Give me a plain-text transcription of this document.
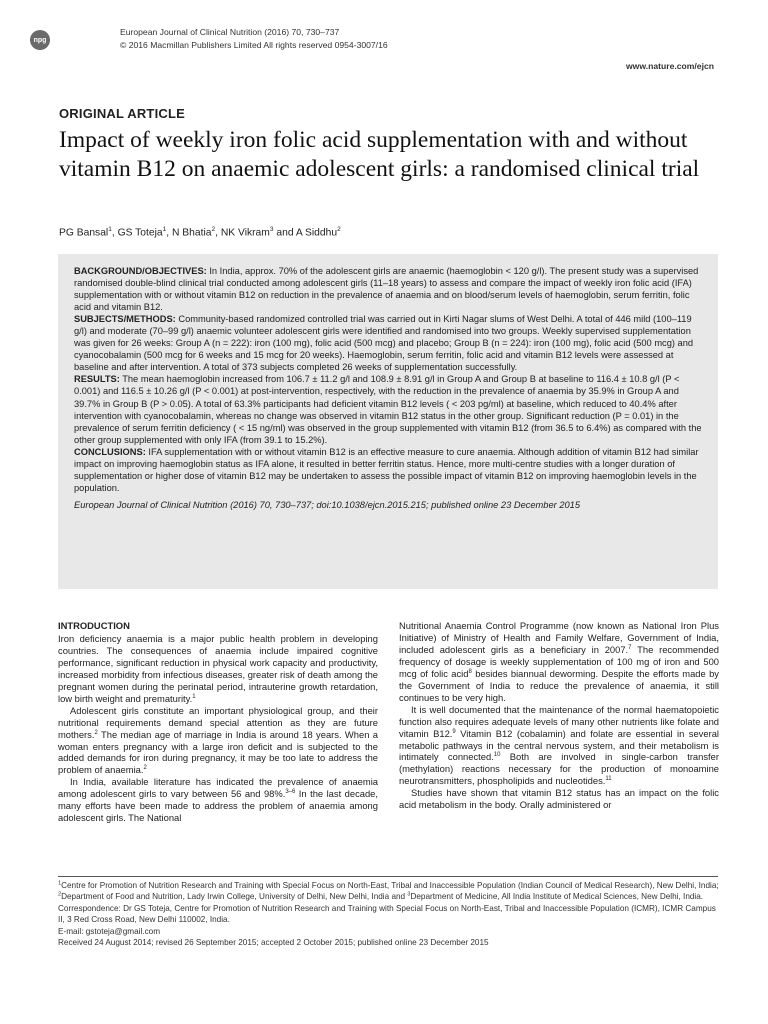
npg
European Journal of Clinical Nutrition (2016) 70, 730–737
© 2016 Macmillan Publishers Limited All rights reserved 0954-3007/16
www.nature.com/ejcn
ORIGINAL ARTICLE
Impact of weekly iron folic acid supplementation with and without vitamin B12 on anaemic adolescent girls: a randomised clinical trial
PG Bansal$^1$, GS Toteja$^1$, N Bhatia$^2$, NK Vikram$^3$ and A Siddhu$^2$

BACKGROUND/OBJECTIVES: In India, approx. 70% of the adolescent girls are anaemic (haemoglobin < 120 g/l). The present study was a supervised randomised double-blind clinical trial conducted among adolescent girls (11–18 years) to assess and compare the impact of weekly iron folic acid (IFA) supplementation with or without vitamin B12 on reduction in the prevalence of anaemia and on blood/serum levels of haemoglobin, serum ferritin, folic acid and vitamin B12.

SUBJECTS/METHODS: Community-based randomized controlled trial was carried out in Kirti Nagar slums of West Delhi. A total of 446 mild (100–119 g/l) and moderate (70–99 g/l) anaemic volunteer adolescent girls were identified and randomised into two groups. Weekly supervised supplementation was given for 26 weeks: Group A (n = 222): iron (100 mg), folic acid (500 mcg) and placebo; Group B (n = 224): iron (100 mg), folic acid (500 mcg) and cyanocobalamin (500 mcg for 6 weeks and 15 mcg for 20 weeks). Haemoglobin, serum ferritin, folic acid and vitamin B12 levels were assessed at baseline and after intervention. A total of 373 subjects completed 26 weeks of supplementation successfully.

RESULTS: The mean haemoglobin increased from 106.7 ± 11.2 g/l and 108.9 ± 8.91 g/l in Group A and Group B at baseline to 116.4 ± 10.8 g/l (P < 0.001) and 116.5 ± 10.26 g/l (P < 0.001) at post-intervention, respectively, with the reduction in the prevalence of anaemia by 35.9% in Group A and 39.7% in Group B (P > 0.05). A total of 63.3% participants had deficient vitamin B12 levels ( < 203 pg/ml) at baseline, which reduced to 40.4% after intervention with cyanocobalamin, whereas no change was observed in vitamin B12 status in the other group. Significant reduction (P = 0.01) in the prevalence of serum ferritin deficiency ( < 15 ng/ml) was observed in the group supplemented with vitamin B12 (from 36.5 to 6.4%) as compared with the other group supplemented with only IFA (from 39.1 to 15.2%).

CONCLUSIONS: IFA supplementation with or without vitamin B12 is an effective measure to cure anaemia. Although addition of vitamin B12 had similar impact on improving haemoglobin status as IFA alone, it resulted in better ferritin status. Hence, more multi-centre studies with a longer duration of supplementation or higher dose of vitamin B12 may be undertaken to assess the possible impact of vitamin B12 on improving haemoglobin levels in the population.

European Journal of Clinical Nutrition (2016) 70, 730–737; doi:10.1038/ejcn.2015.215; published online 23 December 2015

INTRODUCTION

Iron deficiency anaemia is a major public health problem in developing countries. The consequences of anaemia include impaired cognitive performance, significant reduction in physical work capacity and productivity, increased morbidity from infectious diseases, greater risk of death among the pregnant women during the perinatal period, intrauterine growth retardation, low birth weight and prematurity.$^1$

Adolescent girls constitute an important physiological group, and their nutritional requirements demand special attention as they are future mothers.$^2$ The median age of marriage in India is around 18 years. When a woman enters pregnancy with a large iron deficit and is subjected to the added demands for iron during pregnancy, it may be too late to address the problem of anaemia.$^2$

In India, available literature has indicated the prevalence of anaemia among adolescent girls to vary between 56 and 98%.$^{3-6}$ In the last decade, many efforts have been made to address the problem of anaemia among adolescent girls. The National

Nutritional Anaemia Control Programme (now known as National Iron Plus Initiative) of Ministry of Health and Family Welfare, Government of India, included adolescent girls as a beneficiary in 2007.$^7$ The recommended frequency of dosage is weekly supplementation of 100 mg of iron and 500 mcg of folic acid$^8$ besides biannual deworming. Despite the efforts made by the Government of India to reduce the prevalence of anaemia, it still continues to be very high.

It is well documented that the maintenance of the normal haematopoietic function also requires adequate levels of many other nutrients like folate and vitamin B12.$^9$ Vitamin B12 (cobalamin) and folate are essential in several metabolic pathways in the central nervous system, and their metabolism is intimately connected.$^{10}$ Both are involved in single-carbon transfer (methylation) reactions necessary for the production of monoamine neurotransmitters, phospholipids and nucleotides.$^{11}$

Studies have shown that vitamin B12 status has an impact on the folic acid metabolism in the body. Orally administered or

$^1$Centre for Promotion of Nutrition Research and Training with Special Focus on North-East, Tribal and Inaccessible Population (Indian Council of Medical Research), New Delhi, India; $^2$Department of Food and Nutrition, Lady Irwin College, University of Delhi, New Delhi, India and $^3$Department of Medicine, All India Institute of Medical Sciences, New Delhi, India. Correspondence: Dr GS Toteja, Centre for Promotion of Nutrition Research and Training with Special Focus on North-East, Tribal and Inaccessible Population (ICMR), ICMR Campus II, 3 Red Cross Road, New Delhi 110002, India.

E-mail: gstoteja@gmail.com

Received 24 August 2014; revised 26 September 2015; accepted 2 October 2015; published online 23 December 2015
